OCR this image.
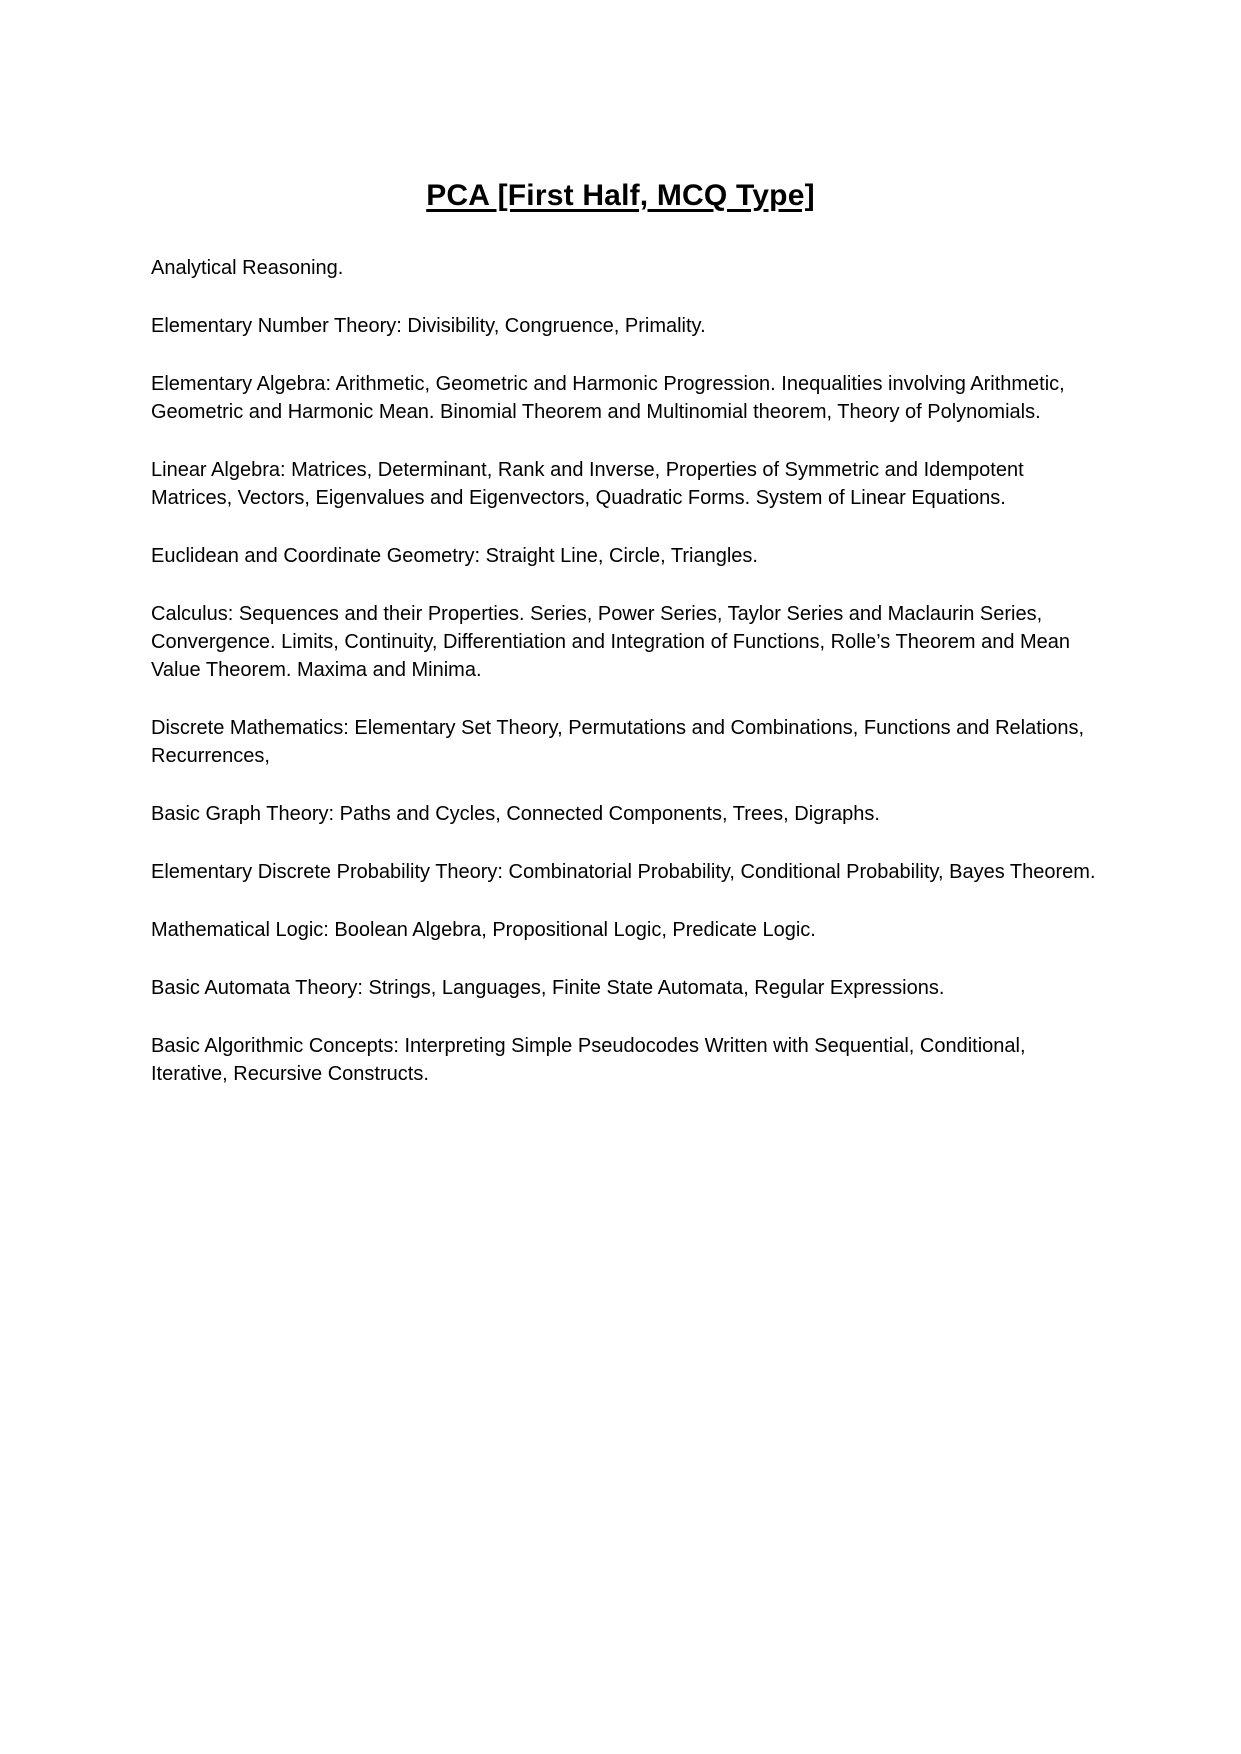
PCA [First Half, MCQ Type]

Analytical Reasoning.

Elementary Number Theory: Divisibility, Congruence, Primality.

Elementary Algebra: Arithmetic, Geometric and Harmonic Progression. Inequalities involving Arithmetic, Geometric and Harmonic Mean. Binomial Theorem and Multinomial theorem, Theory of Polynomials.

Linear Algebra: Matrices, Determinant, Rank and Inverse, Properties of Symmetric and Idempotent Matrices, Vectors, Eigenvalues and Eigenvectors, Quadratic Forms. System of Linear Equations.

Euclidean and Coordinate Geometry: Straight Line, Circle, Triangles.

Calculus: Sequences and their Properties. Series, Power Series, Taylor Series and Maclaurin Series, Convergence. Limits, Continuity, Differentiation and Integration of Functions, Rolle’s Theorem and Mean Value Theorem. Maxima and Minima.

Discrete Mathematics: Elementary Set Theory, Permutations and Combinations, Functions and Relations, Recurrences,

Basic Graph Theory: Paths and Cycles, Connected Components, Trees, Digraphs.

Elementary Discrete Probability Theory: Combinatorial Probability, Conditional Probability, Bayes Theorem.

Mathematical Logic: Boolean Algebra, Propositional Logic, Predicate Logic.

Basic Automata Theory: Strings, Languages, Finite State Automata, Regular Expressions.

Basic Algorithmic Concepts: Interpreting Simple Pseudocodes Written with Sequential, Conditional, Iterative, Recursive Constructs.
